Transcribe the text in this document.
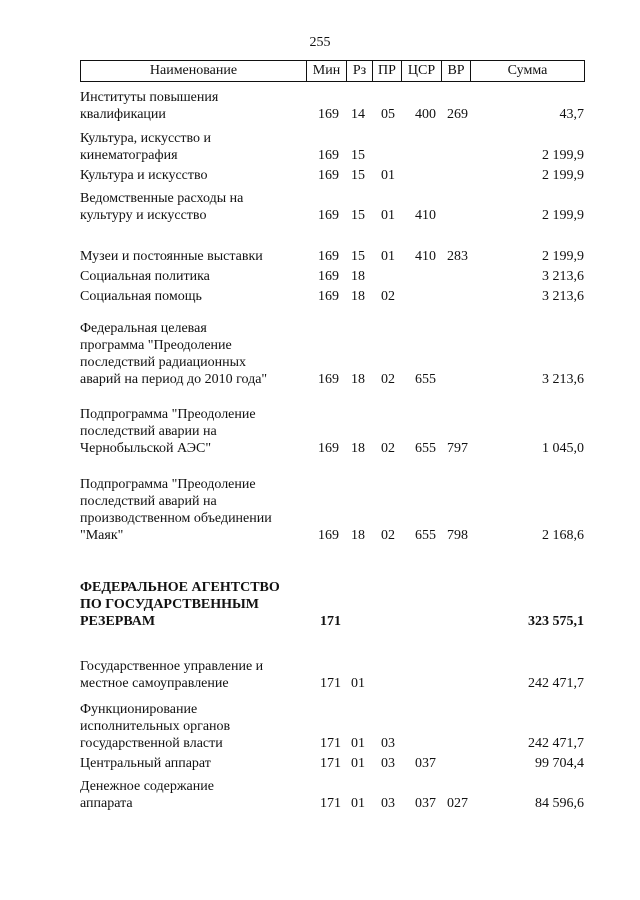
255
Наименование	Мин Рз ПР ЦСР ВР	Сумма
Институты повышения
квалификации	169 14 05 400 269	43,7
Культура, искусство и
кинематография	169 15	2 199,9
Культура и искусство	169 15 01	2 199,9
Ведомственные расходы на
культуру и искусство	169 15 01 410	2 199,9
Музеи и постоянные выставки	169 15 01 410 283	2 199,9
Социальная политика	169 18	3 213,6
Социальная помощь	169 18 02	3 213,6
Федеральная целевая
программа "Преодоление
последствий радиационных
аварий на период до 2010 года"	169 18 02 655	3 213,6
Подпрограмма "Преодоление
последствий аварии на
Чернобыльской АЭС"	169 18 02 655 797	1 045,0
Подпрограмма "Преодоление
последствий аварий на
производственном объединении
"Маяк"	169 18 02 655 798	2 168,6
ФЕДЕРАЛЬНОЕ АГЕНТСТВО
ПО ГОСУДАРСТВЕННЫМ
РЕЗЕРВАМ	171	323 575,1
Государственное управление и
местное самоуправление	171 01	242 471,7
Функционирование
исполнительных органов
государственной власти	171 01 03	242 471,7
Центральный аппарат	171 01 03 037	99 704,4
Денежное содержание
аппарата	171 01 03 037 027	84 596,6
